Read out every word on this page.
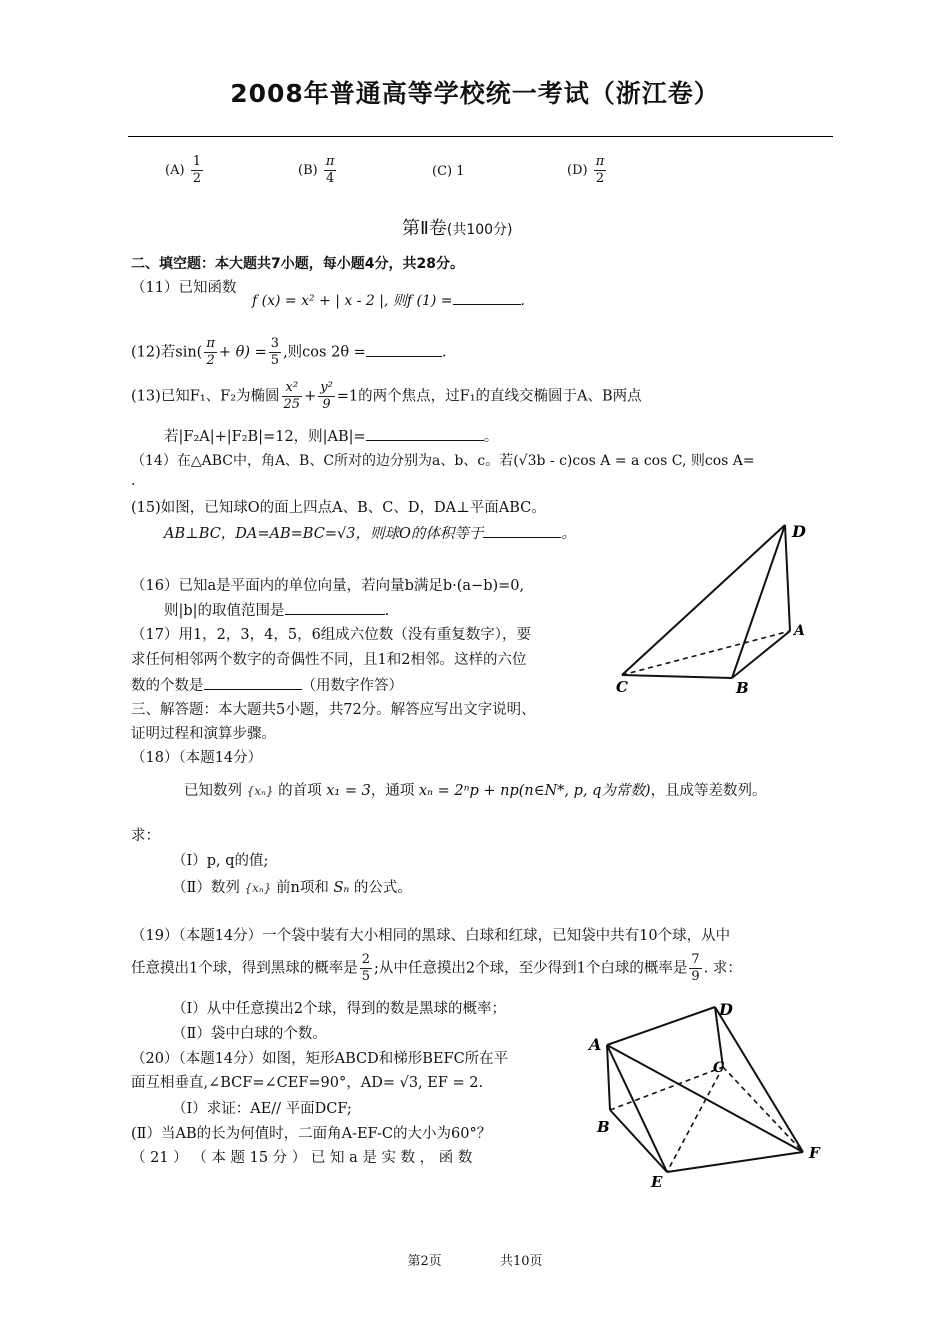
2008年普通高等学校统一考试（浙江卷）
$(A) \frac{1}{2}$	$(B) \frac{\pi}{4}$	(C) 1	$(D) \frac{\pi}{2}$
第Ⅱ卷(共100分)
二、填空题：本大题共7小题，每小题4分，共28分。
（11）已知函数
f (x) = x² + | x - 2 |, 则f (1) =	.
(12)若$\sin( \frac{\pi}{2} + \theta) = \frac{3}{5}$ ,则cos 2θ =	.
(13)已知F₁、F₂为椭圆 $\frac{\text{x²}}{25} + \frac{\text{y²}}{9} =1$的两个焦点，过F₁的直线交椭圆于A、B两点
若|F₂A|+|F₂B|=12，则|AB|=	。
（14）在△ABC中，角A、B、C所对的边分别为a、b、c。若(√3b - c)cos A = a cos C, 则cos A=
.
(15)如图，已知球O的面上四点A、B、C、D，DA⊥平面ABC。
AB⊥BC，DA=AB=BC=√3，则球O的体积等于	。	D
A
B
C
（16）已知a是平面内的单位向量，若向量b满足b·(a−b)=0,
则|b|的取值范围是	.
（17）用1，2，3，4，5，6组成六位数（没有重复数字），要
求任何相邻两个数字的奇偶性不同，且1和2相邻。这样的六位
数的个数是	（用数字作答）
三、解答题：本大题共5小题，共72分。解答应写出文字说明、
证明过程和演算步骤。
（18）（本题14分）
已知数列 {xₙ} 的首项 x₁ = 3，通项 xₙ = 2ⁿp + np(n∈N*, p, q为常数)，且成等差数列。
求：
（Ⅰ）p, q的值;
（Ⅱ）数列 {xₙ} 前n项和 Sₙ 的公式。
（19）（本题14分）一个袋中装有大小相同的黑球、白球和红球，已知袋中共有10个球，从中
任意摸出1个球，得到黑球的概率是 $\frac{2}{5}$ ;从中任意摸出2个球，至少得到1个白球的概率是 $\frac{7}{9}$ . 求：
（Ⅰ）从中任意摸出2个球，得到的数是黑球的概率；
（Ⅱ）袋中白球的个数。
（20）（本题14分）如图，矩形ABCD和梯形BEFC所在平
面互相垂直,∠BCF=∠CEF=90°，AD= √3, EF = 2.
（Ⅰ）求证：AE// 平面DCF;
(Ⅱ）当AB的长为何值时，二面角A-EF-C的大小为60°？
（ 21 ） （ 本 题 15 分 ） 已 知 a 是 实 数 ， 函 数
A
D
C
B
F
E
第2页	共10页
